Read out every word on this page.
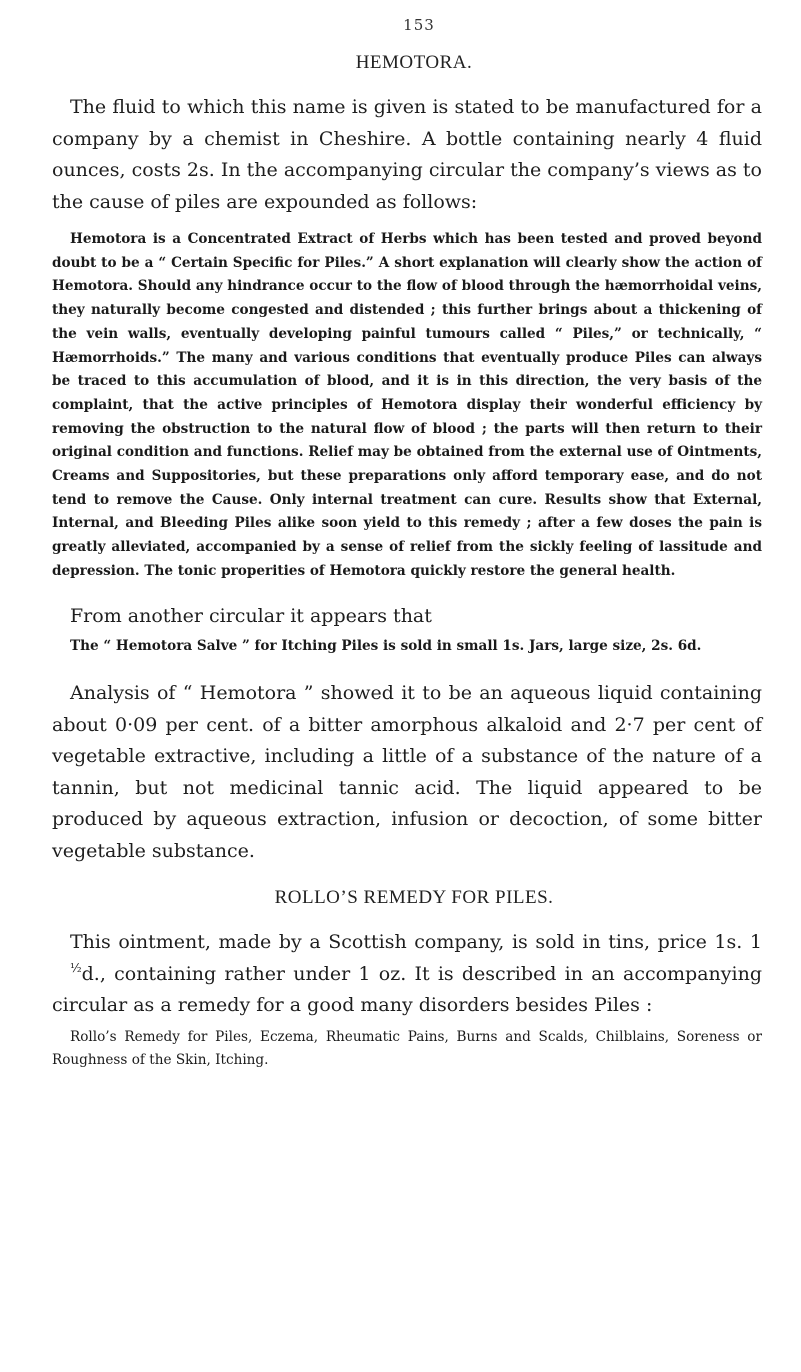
153
HEMOTORA.

The fluid to which this name is given is stated to be manufactured for a company by a chemist in Cheshire. A bottle containing nearly 4 fluid ounces, costs 2s. In the accompanying circular the company’s views as to the cause of piles are expounded as follows:

Hemotora is a Concentrated Extract of Herbs which has been tested and proved beyond doubt to be a “ Certain Specific for Piles.” A short explanation will clearly show the action of Hemotora. Should any hindrance occur to the flow of blood through the hæmorrhoidal veins, they naturally become congested and distended ; this further brings about a thickening of the vein walls, eventually developing painful tumours called “ Piles,” or technically, “ Hæmorrhoids.” The many and various conditions that eventually produce Piles can always be traced to this accumulation of blood, and it is in this direction, the very basis of the complaint, that the active principles of Hemotora display their wonderful efficiency by removing the obstruction to the natural flow of blood ; the parts will then return to their original condition and functions. Relief may be obtained from the external use of Ointments, Creams and Suppositories, but these preparations only afford temporary ease, and do not tend to remove the Cause. Only internal treatment can cure. Results show that External, Internal, and Bleeding Piles alike soon yield to this remedy ; after a few doses the pain is greatly alleviated, accompanied by a sense of relief from the sickly feeling of lassitude and depression. The tonic properities of Hemotora quickly restore the general health.

From another circular it appears that

The “ Hemotora Salve ” for Itching Piles is sold in small 1s. Jars, large size, 2s. 6d.

Analysis of “ Hemotora ” showed it to be an aqueous liquid containing about 0·09 per cent. of a bitter amorphous alkaloid and 2·7 per cent of vegetable extractive, including a little of a substance of the nature of a tannin, but not medicinal tannic acid. The liquid appeared to be produced by aqueous extraction, infusion or decoction, of some bitter vegetable substance.

ROLLO’S REMEDY FOR PILES.

This ointment, made by a Scottish company, is sold in tins, price 1s. 1½d., containing rather under 1 oz. It is described in an accompanying circular as a remedy for a good many disorders besides Piles :

Rollo’s Remedy for Piles, Eczema, Rheumatic Pains, Burns and Scalds, Chilblains, Soreness or Roughness of the Skin, Itching.
